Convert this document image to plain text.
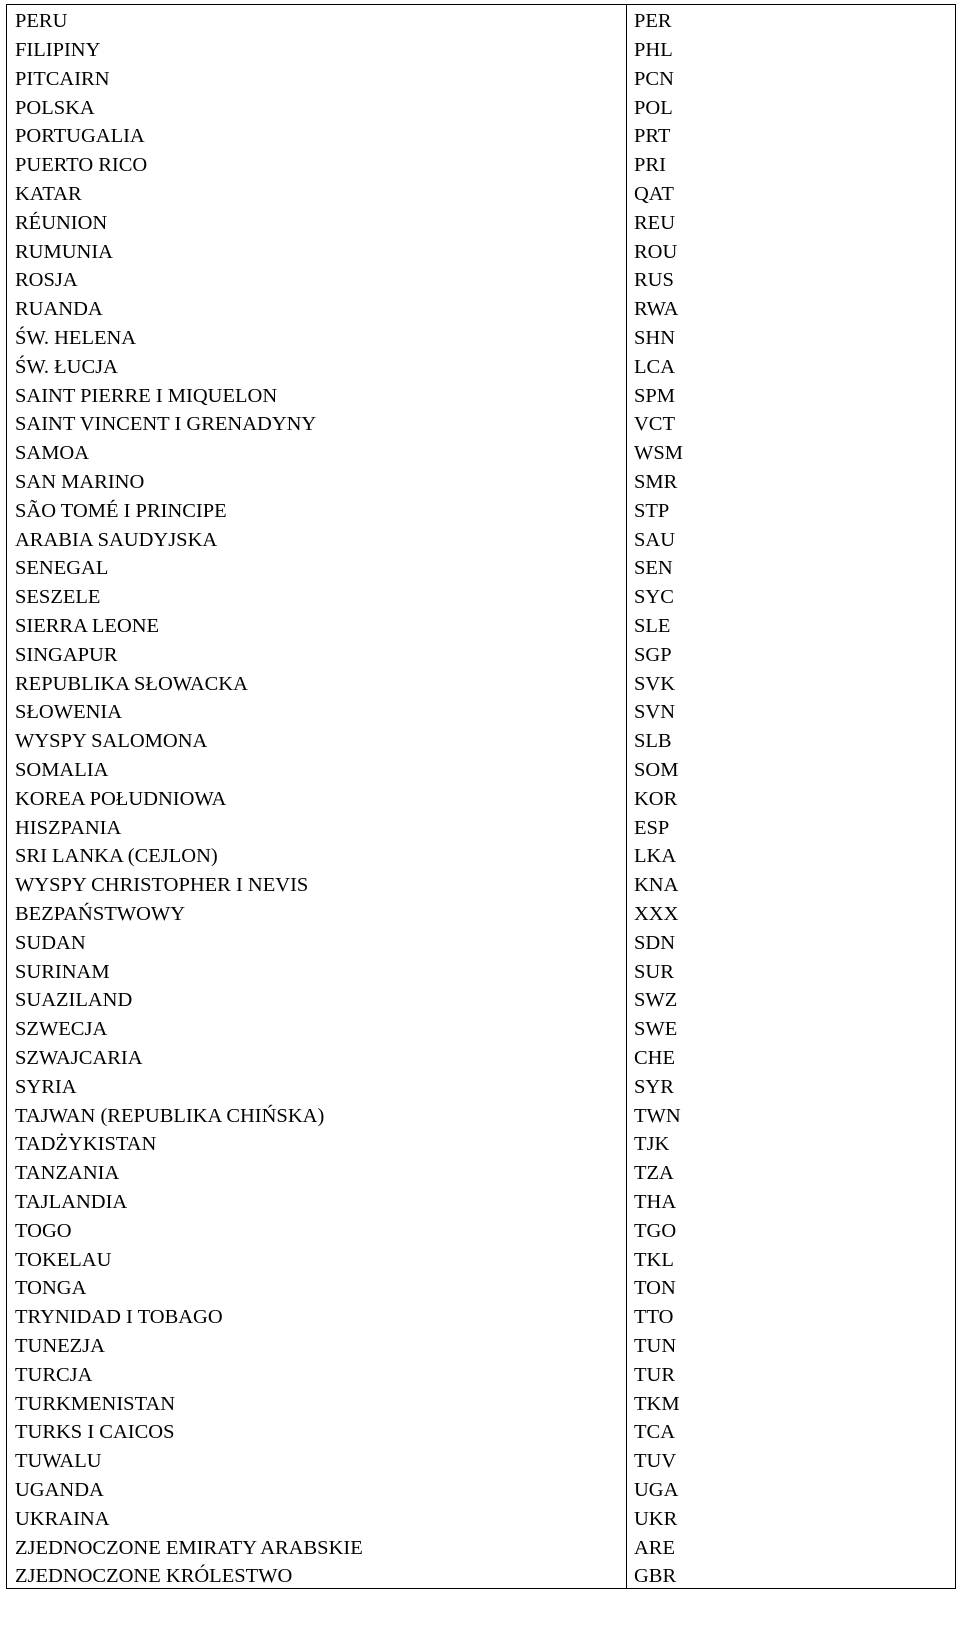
PERU	PER
FILIPINY	PHL
PITCAIRN	PCN
POLSKA	POL
PORTUGALIA	PRT
PUERTO RICO	PRI
KATAR	QAT
RÉUNION	REU
RUMUNIA	ROU
ROSJA	RUS
RUANDA	RWA
ŚW. HELENA	SHN
ŚW. ŁUCJA	LCA
SAINT PIERRE I MIQUELON	SPM
SAINT VINCENT I GRENADYNY	VCT
SAMOA	WSM
SAN MARINO	SMR
SÃO TOMÉ I PRINCIPE	STP
ARABIA SAUDYJSKA	SAU
SENEGAL	SEN
SESZELE	SYC
SIERRA LEONE	SLE
SINGAPUR	SGP
REPUBLIKA SŁOWACKA	SVK
SŁOWENIA	SVN
WYSPY SALOMONA	SLB
SOMALIA	SOM
KOREA POŁUDNIOWA	KOR
HISZPANIA	ESP
SRI LANKA (CEJLON)	LKA
WYSPY CHRISTOPHER I NEVIS	KNA
BEZPAŃSTWOWY	XXX
SUDAN	SDN
SURINAM	SUR
SUAZILAND	SWZ
SZWECJA	SWE
SZWAJCARIA	CHE
SYRIA	SYR
TAJWAN (REPUBLIKA CHIŃSKA)	TWN
TADŻYKISTAN	TJK
TANZANIA	TZA
TAJLANDIA	THA
TOGO	TGO
TOKELAU	TKL
TONGA	TON
TRYNIDAD I TOBAGO	TTO
TUNEZJA	TUN
TURCJA	TUR
TURKMENISTAN	TKM
TURKS I CAICOS	TCA
TUWALU	TUV
UGANDA	UGA
UKRAINA	UKR
ZJEDNOCZONE EMIRATY ARABSKIE	ARE
ZJEDNOCZONE KRÓLESTWO	GBR
